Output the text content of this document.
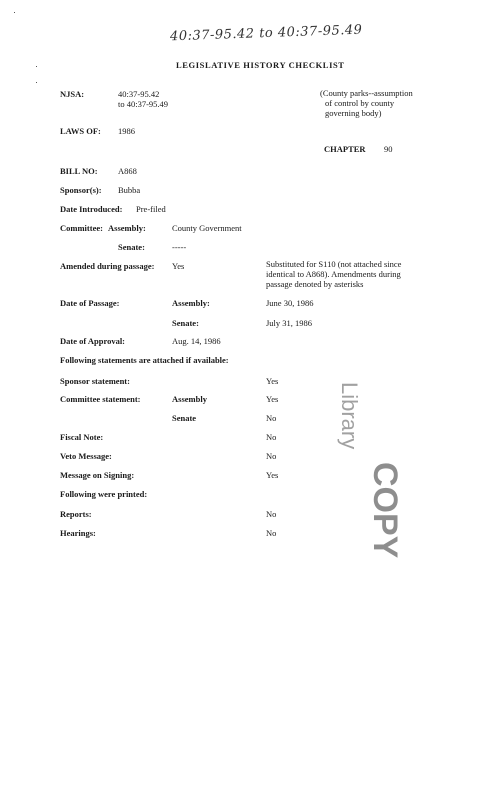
40:37-95.42 to 40:37-95.49
LEGISLATIVE HISTORY CHECKLIST
NJSA:	40:37-95.42
to 40:37-95.49
(County parks--assumption
of control by county
governing body)
LAWS OF: 1986
CHAPTER 90
BILL NO: A868
Sponsor(s): Bubba
Date Introduced: Pre-filed
Committee: Assembly:	County Government
Senate:	-----
Amended during passage: Yes	Substituted for S110 (not attached since
identical to A868). Amendments during
passage denoted by asterisks
Date of Passage:	Assembly:	June 30, 1986
Senate:	July 31, 1986
Date of Approval:	Aug. 14, 1986
Following statements are attached if available:
Sponsor statement:	Yes
Committee statement:	Assembly	Yes
Senate	No
Fiscal Note:	No
Veto Message:	No
Message on Signing:	Yes
Following were printed:
Reports:	No
Hearings:	No
Library
COPY
